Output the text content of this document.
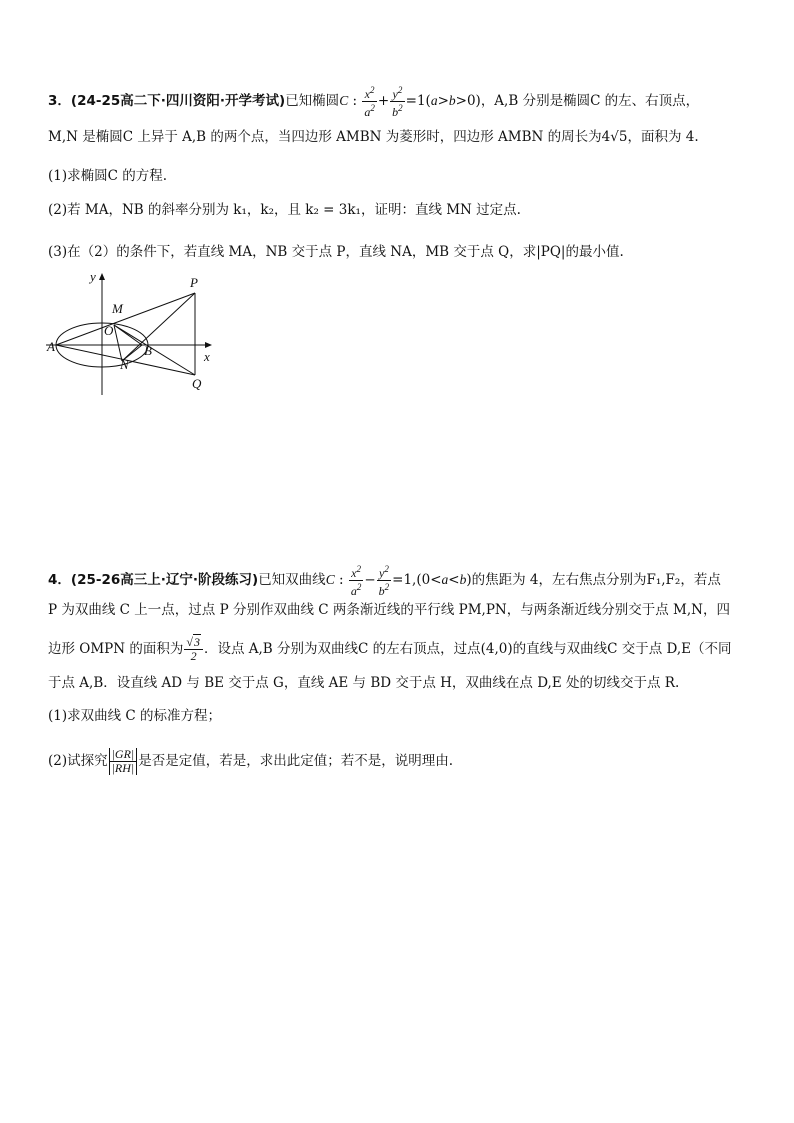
3．(24-25高二下·四川资阳·开学考试)已知椭圆C : $\frac{x^2}{a^2} + \frac{y^2}{b^2} =1(a>b>0)$，A,B 分别是椭圆C 的左、右顶点，
M,N 是椭圆C 上异于 A,B 的两个点，当四边形 AMBN 为菱形时，四边形 AMBN 的周长为4√5，面积为 4.
(1)求椭圆C 的方程.
(2)若 MA，NB 的斜率分别为 k₁，k₂，且 k₂ = 3k₁，证明：直线 MN 过定点.
(3)在（2）的条件下，若直线 MA，NB 交于点 P，直线 NA，MB 交于点 Q，求|PQ|的最小值.
y
x
P
M
O
A	B
N
Q
4．(25-26高三上·辽宁·阶段练习)已知双曲线C : $\frac{x^2}{a^2} - \frac{y^2}{b^2} =1,(0<a<b)$的焦距为 4，左右焦点分别为F₁,F₂，若点
P 为双曲线 C 上一点，过点 P 分别作双曲线 C 两条渐近线的平行线 PM,PN，与两条渐近线分别交于点 M,N，四
边形 OMPN 的面积为 $\frac{√3}{2}$ ．设点 A,B 分别为双曲线C 的左右顶点，过点(4,0)的直线与双曲线C 交于点 D,E（不同
于点 A,B．设直线 AD 与 BE 交于点 G，直线 AE 与 BD 交于点 H，双曲线在点 D,E 处的切线交于点 R.
(1)求双曲线 C 的标准方程；
(2)试探究 $\frac{|GR|}{|RH|}$ 是否是定值，若是，求出此定值；若不是，说明理由.
